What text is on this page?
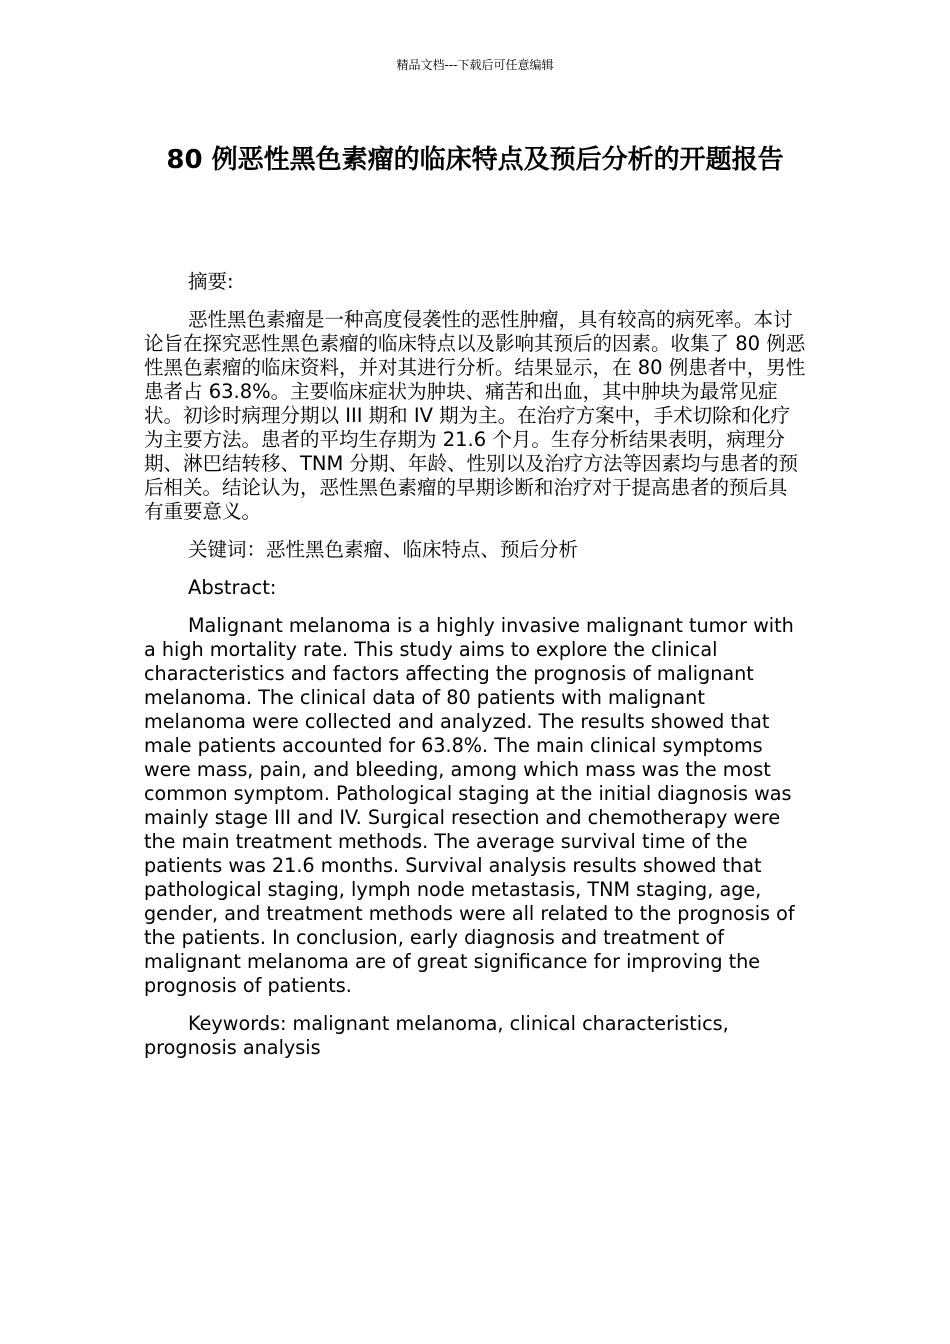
精品文档---下载后可任意编辑
80 例恶性黑色素瘤的临床特点及预后分析的开题报告

摘要:

恶性黑色素瘤是一种高度侵袭性的恶性肿瘤，具有较高的病死率。本讨论旨在探究恶性黑色素瘤的临床特点以及影响其预后的因素。收集了 80 例恶性黑色素瘤的临床资料，并对其进行分析。结果显示，在 80 例患者中，男性患者占 63.8%。主要临床症状为肿块、痛苦和出血，其中肿块为最常见症状。初诊时病理分期以 III 期和 IV 期为主。在治疗方案中，手术切除和化疗为主要方法。患者的平均生存期为 21.6 个月。生存分析结果表明，病理分期、淋巴结转移、TNM 分期、年龄、性别以及治疗方法等因素均与患者的预后相关。结论认为，恶性黑色素瘤的早期诊断和治疗对于提高患者的预后具有重要意义。

关键词：恶性黑色素瘤、临床特点、预后分析

Abstract:

Malignant melanoma is a highly invasive malignant tumor with a high mortality rate. This study aims to explore the clinical characteristics and factors affecting the prognosis of malignant melanoma. The clinical data of 80 patients with malignant melanoma were collected and analyzed. The results showed that male patients accounted for 63.8%. The main clinical symptoms were mass, pain, and bleeding, among which mass was the most common symptom. Pathological staging at the initial diagnosis was mainly stage III and IV. Surgical resection and chemotherapy were the main treatment methods. The average survival time of the patients was 21.6 months. Survival analysis results showed that pathological staging, lymph node metastasis, TNM staging, age, gender, and treatment methods were all related to the prognosis of the patients. In conclusion, early diagnosis and treatment of malignant melanoma are of great significance for improving the prognosis of patients.

Keywords: malignant melanoma, clinical characteristics, prognosis analysis
